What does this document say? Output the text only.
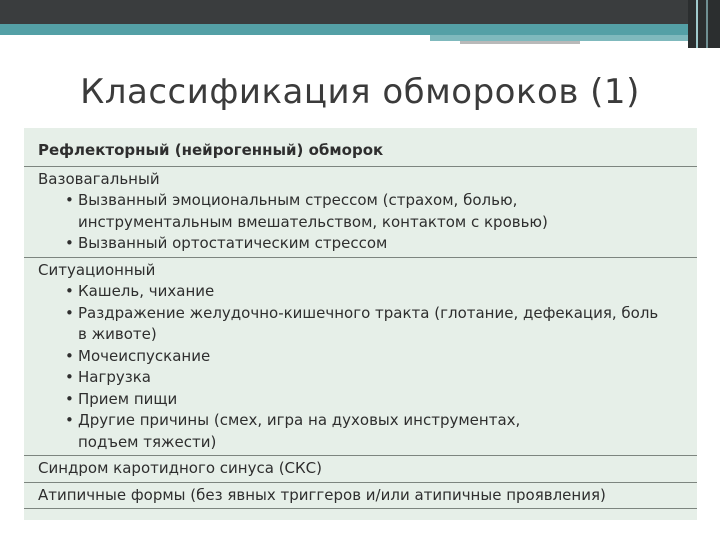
Классификация обмороков (1)
Рефлекторный (нейрогенный) обморок
Вазовагальный
• Вызванный эмоциональным стрессом (страхом, болью, инструментальным вмешательством, контактом с кровью)
• Вызванный ортостатическим стрессом
Ситуационный
• Кашель, чихание
• Раздражение желудочно-кишечного тракта (глотание, дефекация, боль в животе)
• Мочеиспускание
• Нагрузка
• Прием пищи
• Другие причины (смех, игра на духовых инструментах, подъем тяжести)
Синдром каротидного синуса (СКС)
Атипичные формы (без явных триггеров и/или атипичные проявления)
